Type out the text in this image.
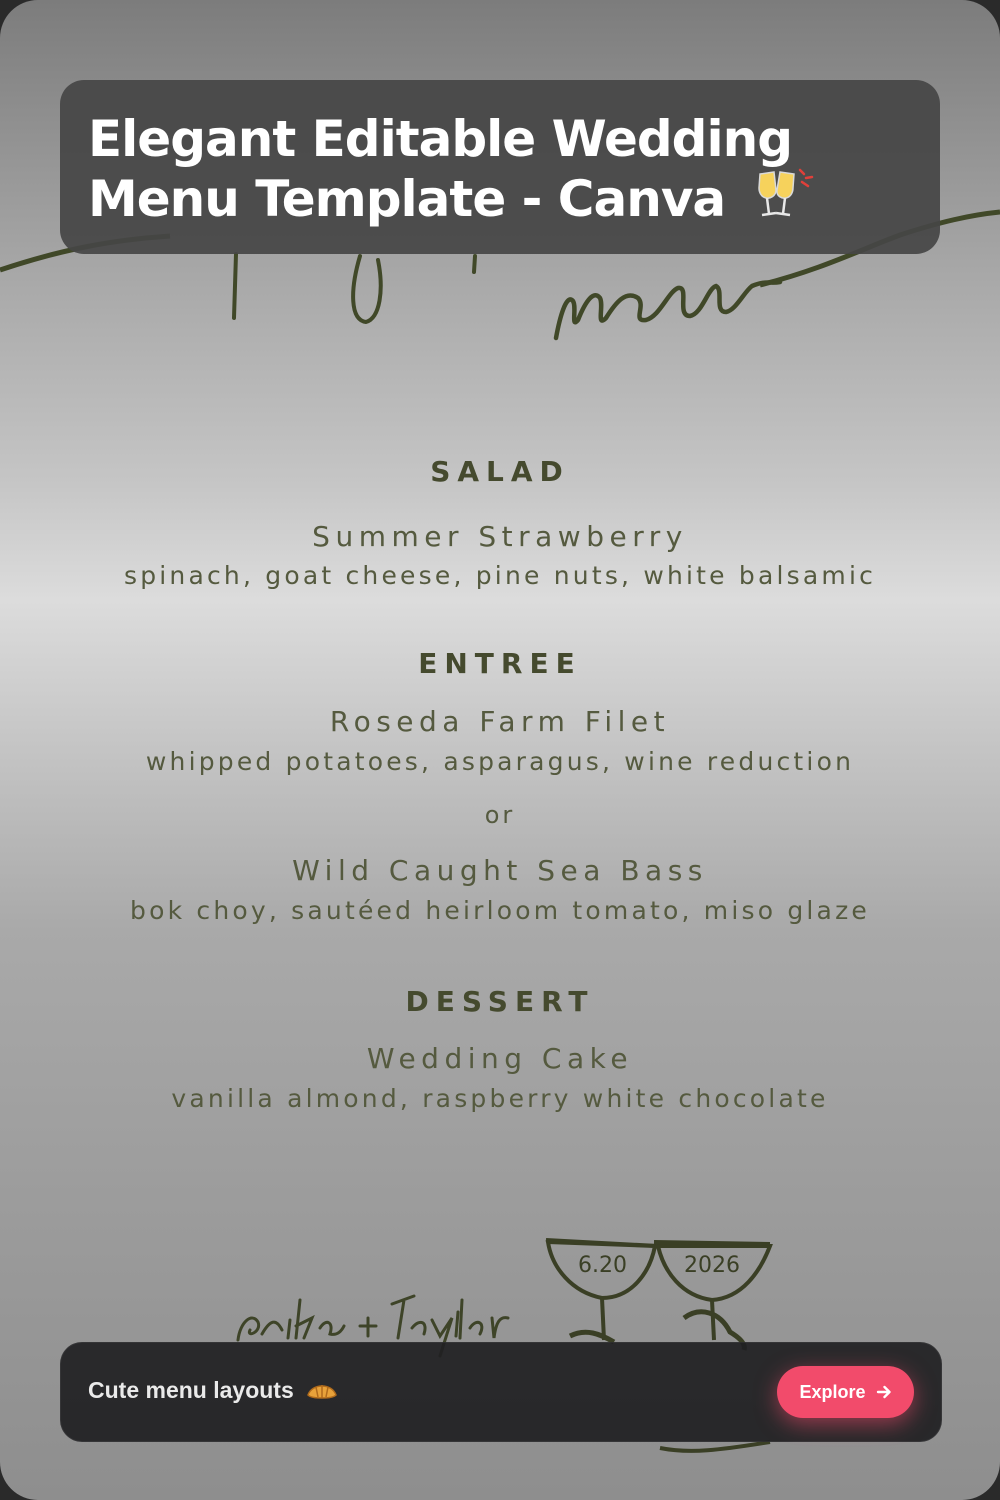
SALAD
Summer Strawberry
spinach, goat cheese, pine nuts, white balsamic
ENTREE
Roseda Farm Filet
whipped potatoes, asparagus, wine reduction
or
Wild Caught Sea Bass
bok choy, sautéed heirloom tomato, miso glaze
DESSERT
Wedding Cake
vanilla almond, raspberry white chocolate
6.20	2026
Elegant Editable Wedding
Menu Template - Canva
Cute menu layouts	Explore
